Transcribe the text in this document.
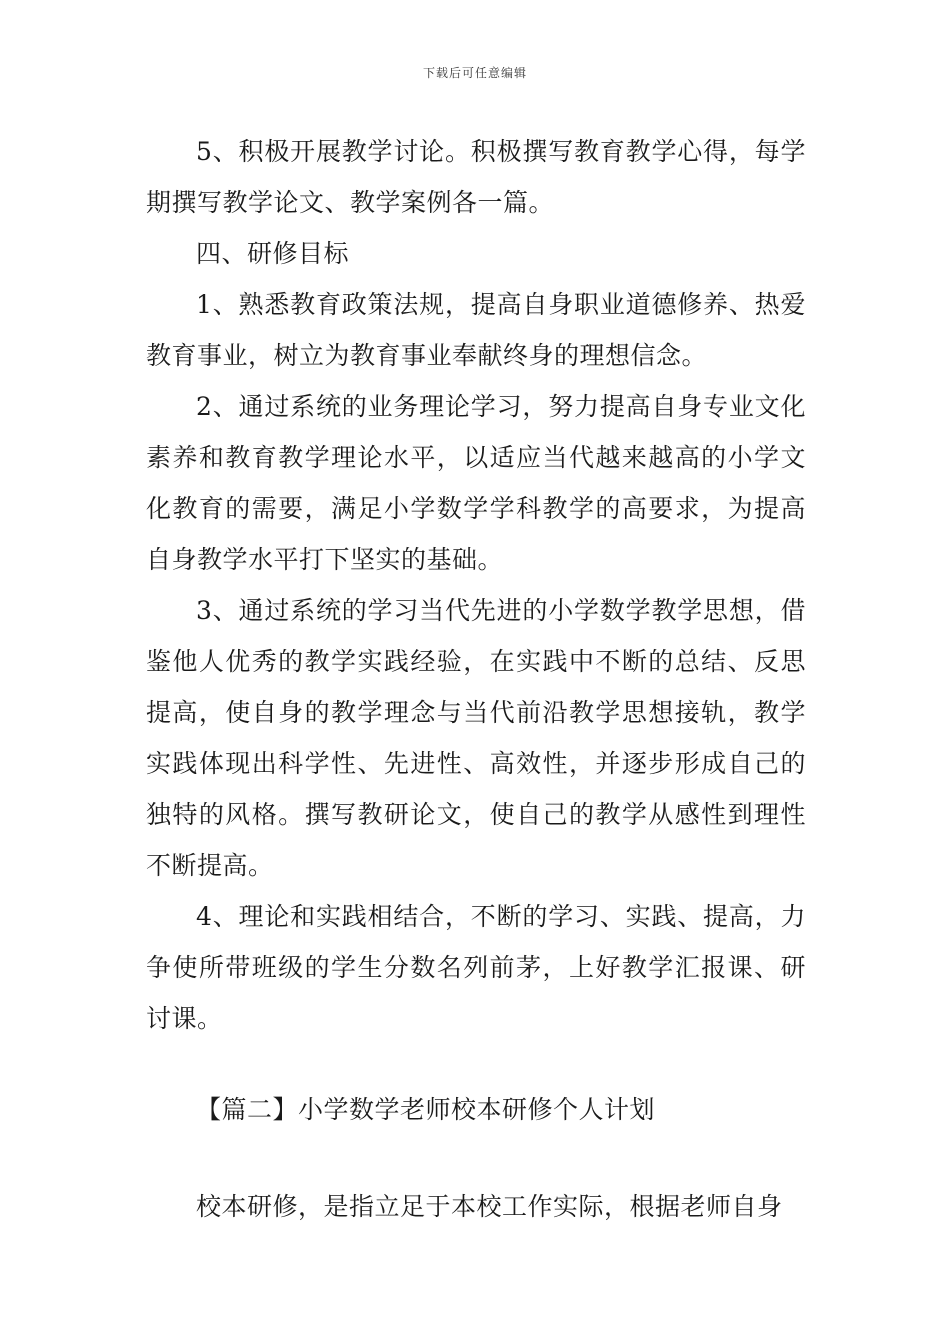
下载后可任意编辑

5、积极开展教学讨论。积极撰写教育教学心得，每学期撰写教学论文、教学案例各一篇。

四、研修目标

1、熟悉教育政策法规，提高自身职业道德修养、热爱教育事业，树立为教育事业奉献终身的理想信念。

2、通过系统的业务理论学习，努力提高自身专业文化素养和教育教学理论水平，以适应当代越来越高的小学文化教育的需要，满足小学数学学科教学的高要求，为提高自身教学水平打下坚实的基础。

3、通过系统的学习当代先进的小学数学教学思想，借鉴他人优秀的教学实践经验，在实践中不断的总结、反思提高，使自身的教学理念与当代前沿教学思想接轨，教学实践体现出科学性、先进性、高效性，并逐步形成自己的独特的风格。撰写教研论文，使自己的教学从感性到理性不断提高。

4、理论和实践相结合，不断的学习、实践、提高，力争使所带班级的学生分数名列前茅，上好教学汇报课、研讨课。

【篇二】小学数学老师校本研修个人计划

校本研修，是指立足于本校工作实际，根据老师自身
